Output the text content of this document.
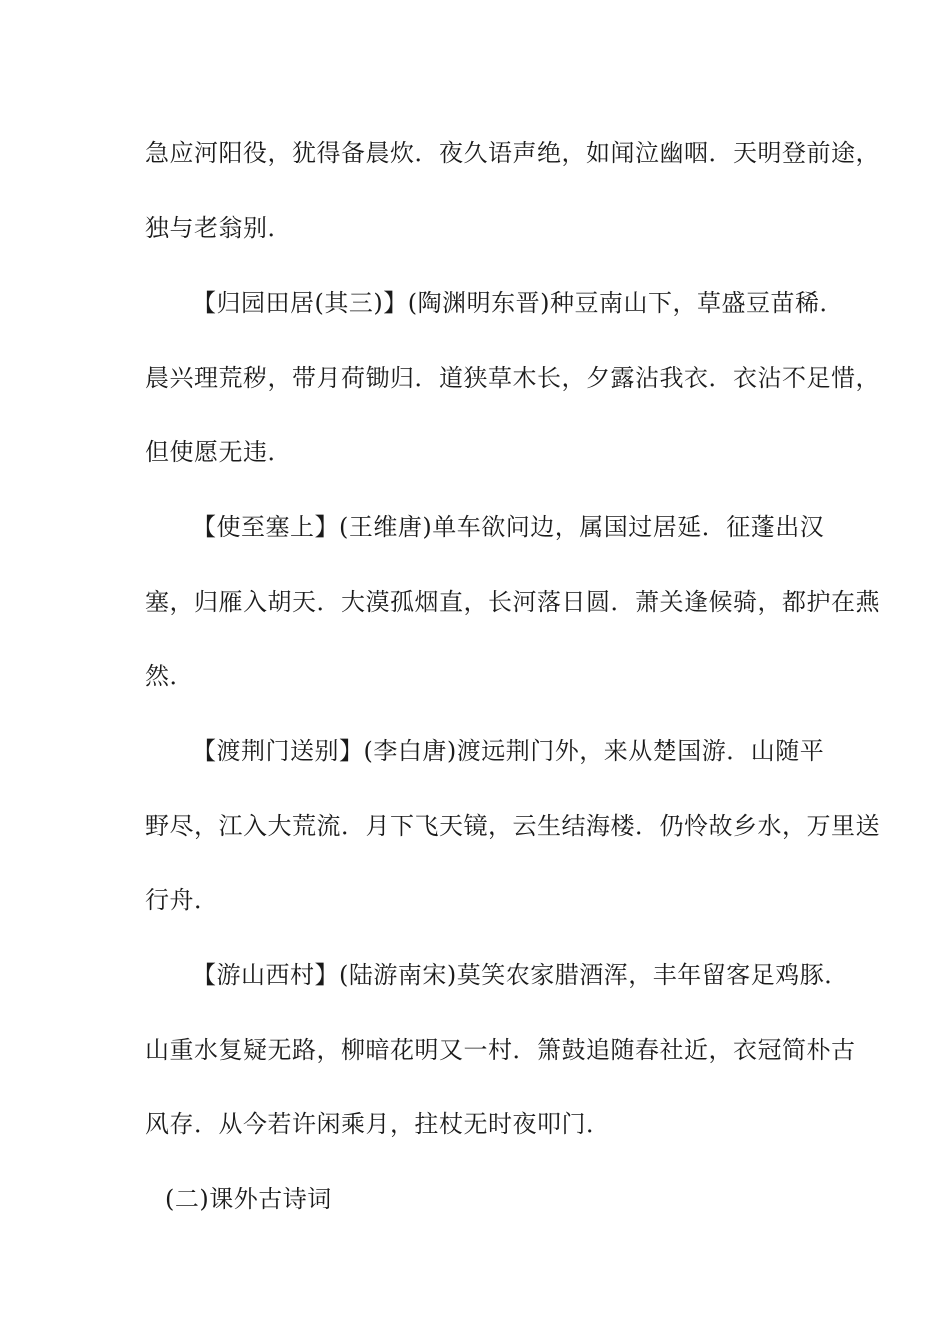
急应河阳役，犹得备晨炊．夜久语声绝，如闻泣幽咽．天明登前途，
独与老翁别．
【归园田居(其三)】(陶渊明东晋)种豆南山下，草盛豆苗稀．
晨兴理荒秽，带月荷锄归．道狭草木长，夕露沾我衣．衣沾不足惜，
但使愿无违．
【使至塞上】(王维唐)单车欲问边，属国过居延．征蓬出汉
塞，归雁入胡天．大漠孤烟直，长河落日圆．萧关逢候骑，都护在燕
然．
【渡荆门送别】(李白唐)渡远荆门外，来从楚国游．山随平
野尽，江入大荒流．月下飞天镜，云生结海楼．仍怜故乡水，万里送
行舟．
【游山西村】(陆游南宋)莫笑农家腊酒浑，丰年留客足鸡豚．
山重水复疑无路，柳暗花明又一村．箫鼓追随春社近，衣冠简朴古
风存．从今若许闲乘月，拄杖无时夜叩门．
(二)课外古诗词
